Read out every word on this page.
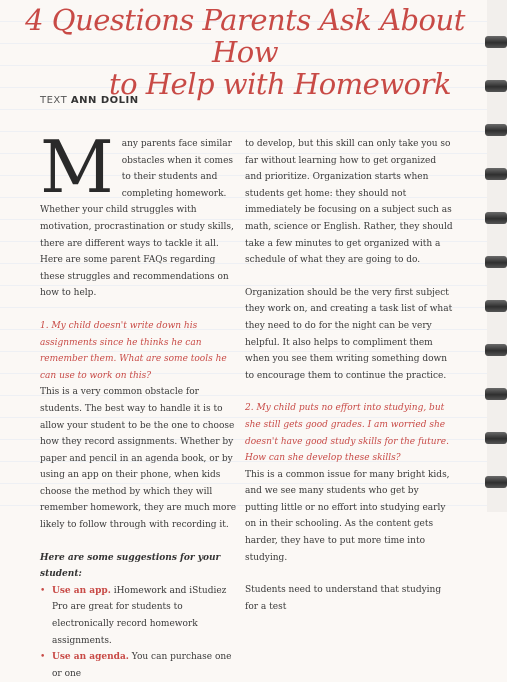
4 Questions Parents Ask About How
to Help with Homework
TEXT ANN DOLIN

Many parents face similar obstacles when it comes to their students and completing homework. Whether your child struggles with motivation, procrastination or study skills, there are different ways to tackle it all. Here are some parent FAQs regarding these struggles and recommendations on how to help.

1. My child doesn't write down his assignments since he thinks he can remember them. What are some tools he can use to work on this?

This is a very common obstacle for students. The best way to handle it is to allow your student to be the one to choose how they record assignments. Whether by paper and pencil in an agenda book, or by using an app on their phone, when kids choose the method by which they will remember homework, they are much more likely to follow through with recording it.

Here are some suggestions for your student:

• Use an app. iHomework and iStudiez Pro are great for students to electronically record homework assignments.
• Use an agenda. You can purchase one or one

to develop, but this skill can only take you so far without learning how to get organized and prioritize. Organization starts when students get home: they should not immediately be focusing on a subject such as math, science or English. Rather, they should take a few minutes to get organized with a schedule of what they are going to do.

Organization should be the very first subject they work on, and creating a task list of what they need to do for the night can be very helpful. It also helps to compliment them when you see them writing something down to encourage them to continue the practice.

2. My child puts no effort into studying, but she still gets good grades. I am worried she doesn't have good study skills for the future. How can she develop these skills?

This is a common issue for many bright kids, and we see many students who get by putting little or no effort into studying early on in their schooling. As the content gets harder, they have to put more time into studying.

Students need to understand that studying for a test
